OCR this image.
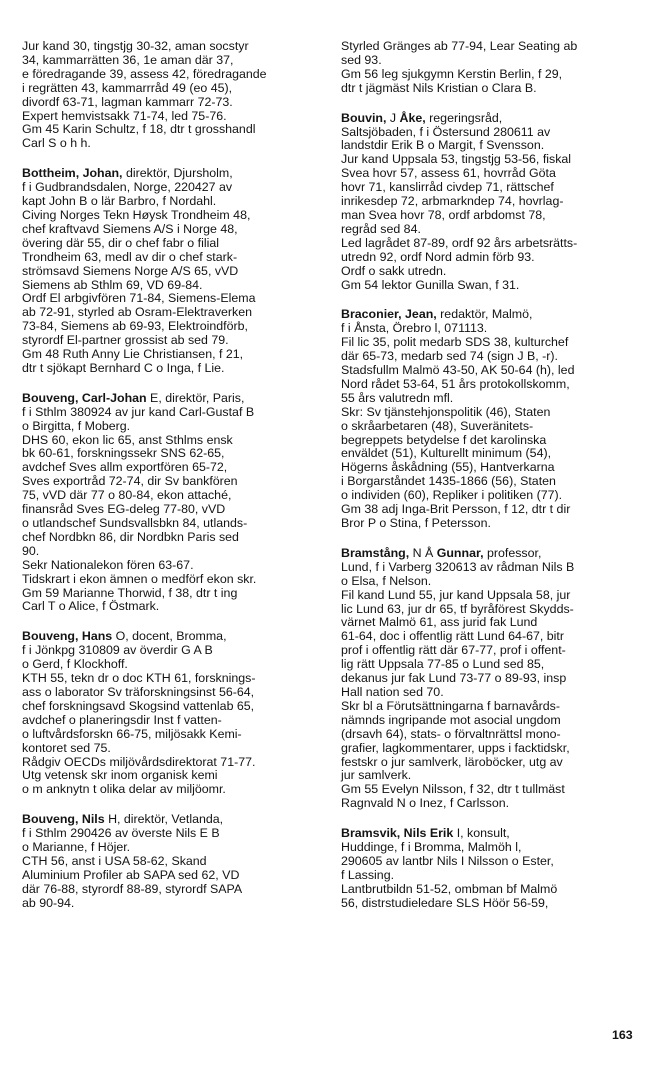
Jur kand 30, tingstjg 30-32, aman socstyr
34, kammarrätten 36, 1e aman där 37,
e föredragande 39, assess 42, föredragande
i regrätten 43, kammarrråd 49 (eo 45),
divordf 63-71, lagman kammarr 72-73.
Expert hemvistsakk 71-74, led 75-76.
Gm 45 Karin Schultz, f 18, dtr t grosshandl
Carl S o h h.
Bottheim, Johan, direktör, Djursholm,
f i Gudbrandsdalen, Norge, 220427 av
kapt John B o lär Barbro, f Nordahl.
Civing Norges Tekn Høysk Trondheim 48,
chef kraftvavd Siemens A/S i Norge 48,
övering där 55, dir o chef fabr o filial
Trondheim 63, medl av dir o chef stark-
strömsavd Siemens Norge A/S 65, vVD
Siemens ab Sthlm 69, VD 69-84.
Ordf El arbgivfören 71-84, Siemens-Elema
ab 72-91, styrled ab Osram-Elektraverken
73-84, Siemens ab 69-93, Elektroindförb,
styrordf El-partner grossist ab sed 79.
Gm 48 Ruth Anny Lie Christiansen, f 21,
dtr t sjökapt Bernhard C o Inga, f Lie.
Bouveng, Carl-Johan E, direktör, Paris,
f i Sthlm 380924 av jur kand Carl-Gustaf B
o Birgitta, f Moberg.
DHS 60, ekon lic 65, anst Sthlms ensk
bk 60-61, forskningssekr SNS 62-65,
avdchef Sves allm exportfören 65-72,
Sves exportråd 72-74, dir Sv bankfören
75, vVD där 77 o 80-84, ekon attaché,
finansråd Sves EG-deleg 77-80, vVD
o utlandschef Sundsvallsbkn 84, utlands-
chef Nordbkn 86, dir Nordbkn Paris sed
90.
Sekr Nationalekon fören 63-67.
Tidskrart i ekon ämnen o medförf ekon skr.
Gm 59 Marianne Thorwid, f 38, dtr t ing
Carl T o Alice, f Östmark.
Bouveng, Hans O, docent, Bromma,
f i Jönkpg 310809 av överdir G A B
o Gerd, f Klockhoff.
KTH 55, tekn dr o doc KTH 61, forsknings-
ass o laborator Sv träforskningsinst 56-64,
chef forskningsavd Skogsind vattenlab 65,
avdchef o planeringsdir Inst f vatten-
o luftvårdsforskn 66-75, miljösakk Kemi-
kontoret sed 75.
Rådgiv OECDs miljövårdsdirektorat 71-77.
Utg vetensk skr inom organisk kemi
o m anknytn t olika delar av miljöomr.
Bouveng, Nils H, direktör, Vetlanda,
f i Sthlm 290426 av överste Nils E B
o Marianne, f Höjer.
CTH 56, anst i USA 58-62, Skand
Aluminium Profiler ab SAPA sed 62, VD
där 76-88, styrordf 88-89, styrordf SAPA
ab 90-94.
Styrled Gränges ab 77-94, Lear Seating ab
sed 93.
Gm 56 leg sjukgymn Kerstin Berlin, f 29,
dtr t jägmäst Nils Kristian o Clara B.
Bouvin, J Åke, regeringsråd,
Saltsjöbaden, f i Östersund 280611 av
landstdir Erik B o Margit, f Svensson.
Jur kand Uppsala 53, tingstjg 53-56, fiskal
Svea hovr 57, assess 61, hovrråd Göta
hovr 71, kanslirråd civdep 71, rättschef
inrikesdep 72, arbmarkndep 74, hovrlag-
man Svea hovr 78, ordf arbdomst 78,
regråd sed 84.
Led lagrådet 87-89, ordf 92 års arbetsrätts-
utredn 92, ordf Nord admin förb 93.
Ordf o sakk utredn.
Gm 54 lektor Gunilla Swan, f 31.
Braconier, Jean, redaktör, Malmö,
f i Ånsta, Örebro l, 071113.
Fil lic 35, polit medarb SDS 38, kulturchef
där 65-73, medarb sed 74 (sign J B, -r).
Stadsfullm Malmö 43-50, AK 50-64 (h), led
Nord rådet 53-64, 51 års protokollskomm,
55 års valutredn mfl.
Skr: Sv tjänstehjonspolitik (46), Staten
o skråarbetaren (48), Suveränitets-
begreppets betydelse f det karolinska
enväldet (51), Kulturellt minimum (54),
Högerns åskådning (55), Hantverkarna
i Borgarståndet 1435-1866 (56), Staten
o individen (60), Repliker i politiken (77).
Gm 38 adj Inga-Brit Persson, f 12, dtr t dir
Bror P o Stina, f Petersson.
Bramstång, N Å Gunnar, professor,
Lund, f i Varberg 320613 av rådman Nils B
o Elsa, f Nelson.
Fil kand Lund 55, jur kand Uppsala 58, jur
lic Lund 63, jur dr 65, tf byråförest Skydds-
värnet Malmö 61, ass jurid fak Lund
61-64, doc i offentlig rätt Lund 64-67, bitr
prof i offentlig rätt där 67-77, prof i offent-
lig rätt Uppsala 77-85 o Lund sed 85,
dekanus jur fak Lund 73-77 o 89-93, insp
Hall nation sed 70.
Skr bl a Förutsättningarna f barnavårds-
nämnds ingripande mot asocial ungdom
(drsavh 64), stats- o förvaltnrättsl mono-
grafier, lagkommentarer, upps i facktidskr,
festskr o jur samlverk, läroböcker, utg av
jur samlverk.
Gm 55 Evelyn Nilsson, f 32, dtr t tullmäst
Ragnvald N o Inez, f Carlsson.
Bramsvik, Nils Erik I, konsult,
Huddinge, f i Bromma, Malmöh l,
290605 av lantbr Nils I Nilsson o Ester,
f Lassing.
Lantbrutbildn 51-52, ombman bf Malmö
56, distrstudieledare SLS Höör 56-59,
163
